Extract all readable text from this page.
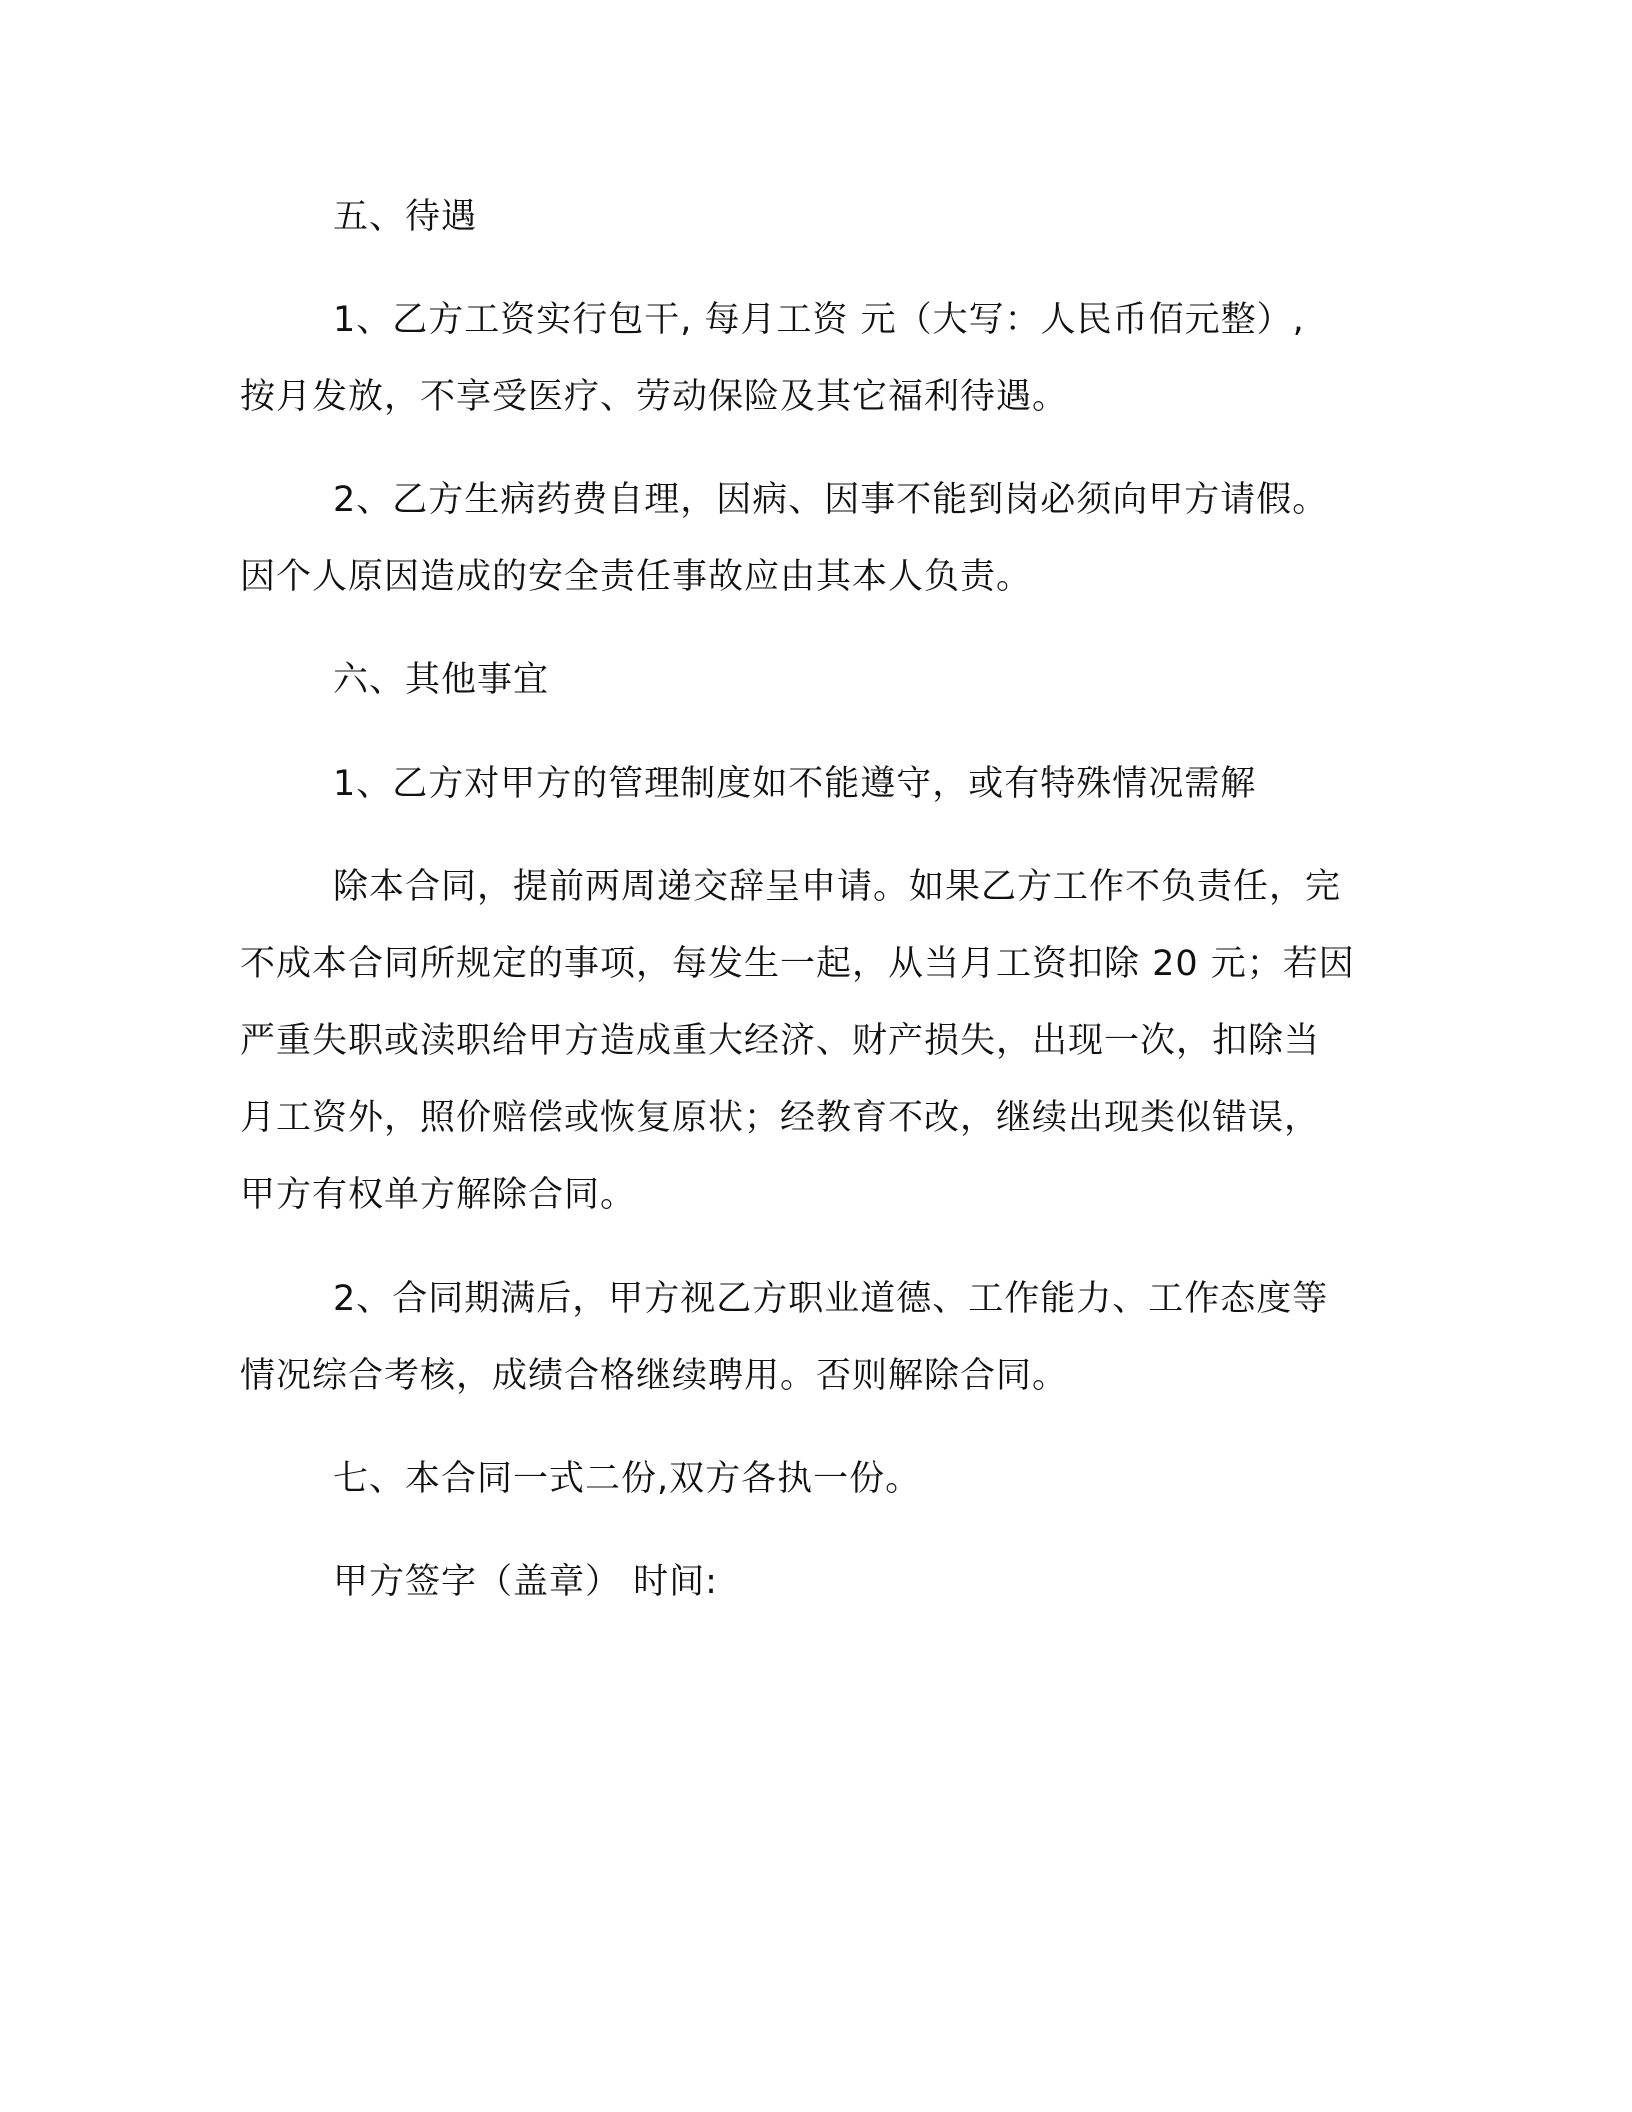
五、待遇
1、乙方工资实行包干, 每月工资 元（大写：人民币佰元整）,
按月发放，不享受医疗、劳动保险及其它福利待遇。
2、乙方生病药费自理，因病、因事不能到岗必须向甲方请假。
因个人原因造成的安全责任事故应由其本人负责。
六、其他事宜
1、乙方对甲方的管理制度如不能遵守，或有特殊情况需解
除本合同，提前两周递交辞呈申请。如果乙方工作不负责任，完
不成本合同所规定的事项，每发生一起，从当月工资扣除 20 元；若因
严重失职或渎职给甲方造成重大经济、财产损失，出现一次，扣除当
月工资外，照价赔偿或恢复原状；经教育不改，继续出现类似错误，
甲方有权单方解除合同。
2、合同期满后，甲方视乙方职业道德、工作能力、工作态度等
情况综合考核，成绩合格继续聘用。否则解除合同。
七、本合同一式二份,双方各执一份。
甲方签字（盖章） 时间:
